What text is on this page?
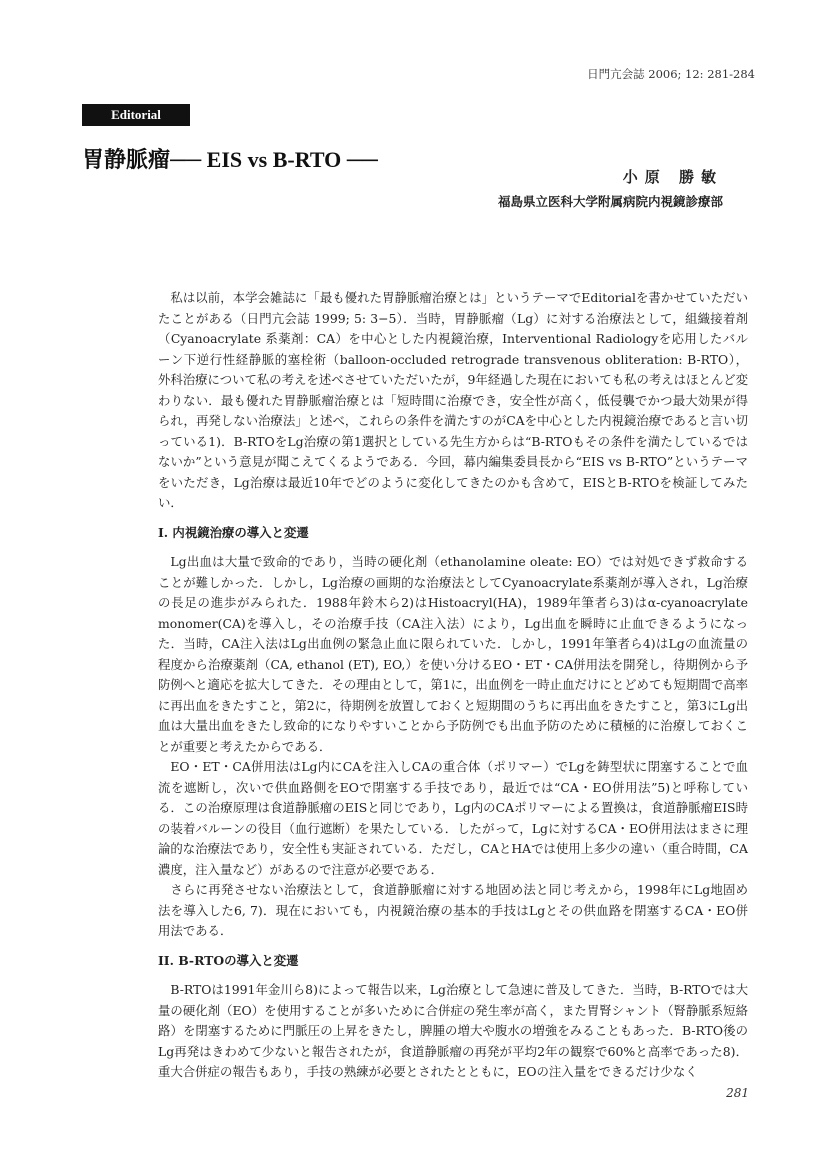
日門亢会誌 2006; 12: 281-284
Editorial
胃静脈瘤── EIS vs B-RTO ──
小原 勝敏
福島県立医科大学附属病院内視鏡診療部

私は以前，本学会雑誌に「最も優れた胃静脈瘤治療とは」というテーマでEditorialを書かせていただいたことがある（日門亢会誌 1999; 5: 3−5）．当時，胃静脈瘤（Lg）に対する治療法として，組織接着剤（Cyanoacrylate 系薬剤：CA）を中心とした内視鏡治療，Interventional Radiologyを応用したバルーン下逆行性経静脈的塞栓術（balloon-occluded retrograde transvenous obliteration: B-RTO），外科治療について私の考えを述べさせていただいたが，9年経過した現在においても私の考えはほとんど変わりない．最も優れた胃静脈瘤治療とは「短時間に治療でき，安全性が高く，低侵襲でかつ最大効果が得られ，再発しない治療法」と述べ，これらの条件を満たすのがCAを中心とした内視鏡治療であると言い切っている1)．B-RTOをLg治療の第1選択としている先生方からは“B-RTOもその条件を満たしているではないか”という意見が聞こえてくるようである．今回，幕内編集委員長から“EIS vs B-RTO”というテーマをいただき，Lg治療は最近10年でどのように変化してきたのかも含めて，EISとB-RTOを検証してみたい．

I. 内視鏡治療の導入と変遷

Lg出血は大量で致命的であり，当時の硬化剤（ethanolamine oleate: EO）では対処できず救命することが難しかった．しかし，Lg治療の画期的な治療法としてCyanoacrylate系薬剤が導入され，Lg治療の長足の進歩がみられた．1988年鈴木ら2)はHistoacryl(HA)，1989年筆者ら3)はα-cyanoacrylate monomer(CA)を導入し，その治療手技（CA注入法）により，Lg出血を瞬時に止血できるようになった．当時，CA注入法はLg出血例の緊急止血に限られていた．しかし，1991年筆者ら4)はLgの血流量の程度から治療薬剤（CA, ethanol (ET), EO,）を使い分けるEO・ET・CA併用法を開発し，待期例から予防例へと適応を拡大してきた．その理由として，第1に，出血例を一時止血だけにとどめても短期間で高率に再出血をきたすこと，第2に，待期例を放置しておくと短期間のうちに再出血をきたすこと，第3にLg出血は大量出血をきたし致命的になりやすいことから予防例でも出血予防のために積極的に治療しておくことが重要と考えたからである．

EO・ET・CA併用法はLg内にCAを注入しCAの重合体（ポリマー）でLgを鋳型状に閉塞することで血流を遮断し，次いで供血路側をEOで閉塞する手技であり，最近では“CA・EO併用法”5)と呼称している．この治療原理は食道静脈瘤のEISと同じであり，Lg内のCAポリマーによる置換は，食道静脈瘤EIS時の装着バルーンの役目（血行遮断）を果たしている．したがって，Lgに対するCA・EO併用法はまさに理論的な治療法であり，安全性も実証されている．ただし，CAとHAでは使用上多少の違い（重合時間，CA濃度，注入量など）があるので注意が必要である．

さらに再発させない治療法として，食道静脈瘤に対する地固め法と同じ考えから，1998年にLg地固め法を導入した6, 7)．現在においても，内視鏡治療の基本的手技はLgとその供血路を閉塞するCA・EO併用法である．

II. B-RTOの導入と変遷

B-RTOは1991年金川ら8)によって報告以来，Lg治療として急速に普及してきた．当時，B-RTOでは大量の硬化剤（EO）を使用することが多いために合併症の発生率が高く，また胃腎シャント（腎静脈系短絡路）を閉塞するために門脈圧の上昇をきたし，脾腫の増大や腹水の増強をみることもあった．B-RTO後のLg再発はきわめて少ないと報告されたが，食道静脈瘤の再発が平均2年の観察で60%と高率であった8)．重大合併症の報告もあり，手技の熟練が必要とされたとともに，EOの注入量をできるだけ少なく

281
